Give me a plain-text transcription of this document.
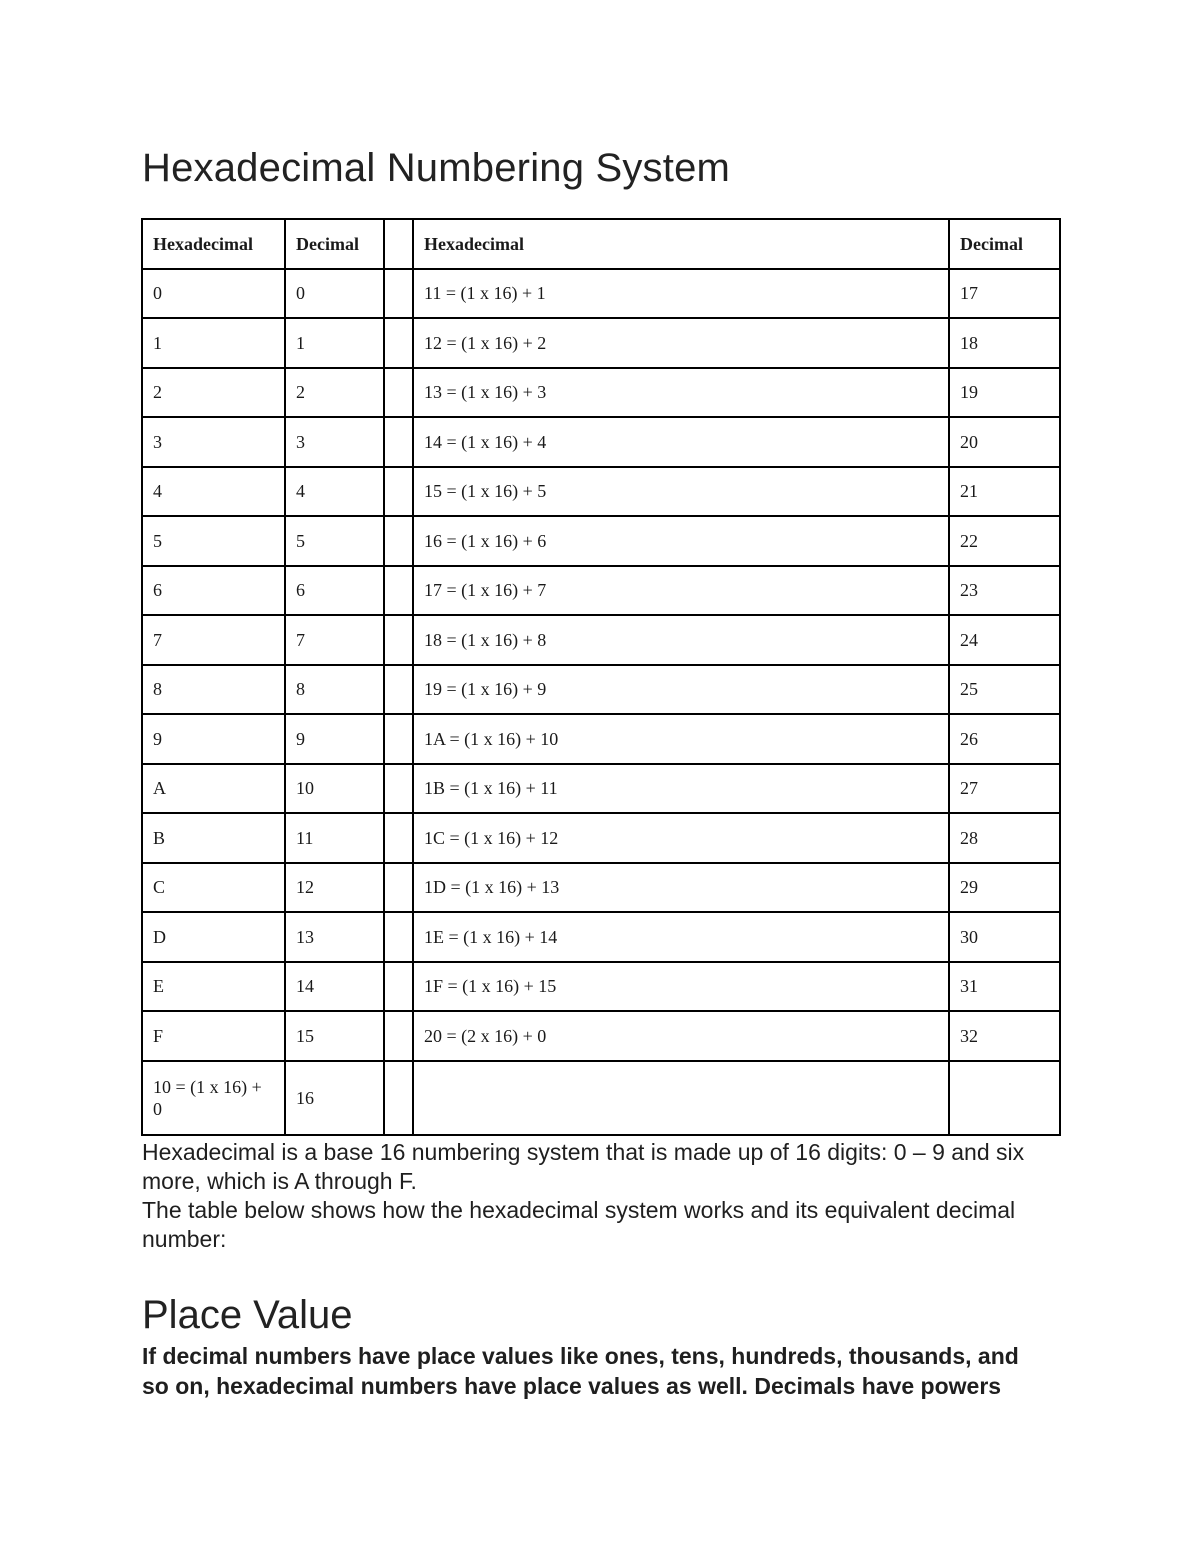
Hexadecimal Numbering System
Hexadecimal	Decimal		Hexadecimal	Decimal
0	0		11 = (1 x 16) + 1	17
1	1		12 = (1 x 16) + 2	18
2	2		13 = (1 x 16) + 3	19
3	3		14 = (1 x 16) + 4	20
4	4		15 = (1 x 16) + 5	21
5	5		16 = (1 x 16) + 6	22
6	6		17 = (1 x 16) + 7	23
7	7		18 = (1 x 16) + 8	24
8	8		19 = (1 x 16) + 9	25
9	9		1A = (1 x 16) + 10	26
A	10		1B = (1 x 16) + 11	27
B	11		1C = (1 x 16) + 12	28
C	12		1D = (1 x 16) + 13	29
D	13		1E = (1 x 16) + 14	30
E	14		1F = (1 x 16) + 15	31
F	15		20 = (2 x 16) + 0	32
10 = (1 x 16) + 0	16			

Hexadecimal is a base 16 numbering system that is made up of 16 digits: 0 – 9 and six more, which is A through F.

The table below shows how the hexadecimal system works and its equivalent decimal number:

Place Value

If decimal numbers have place values like ones, tens, hundreds, thousands, and so on, hexadecimal numbers have place values as well. Decimals have powers
